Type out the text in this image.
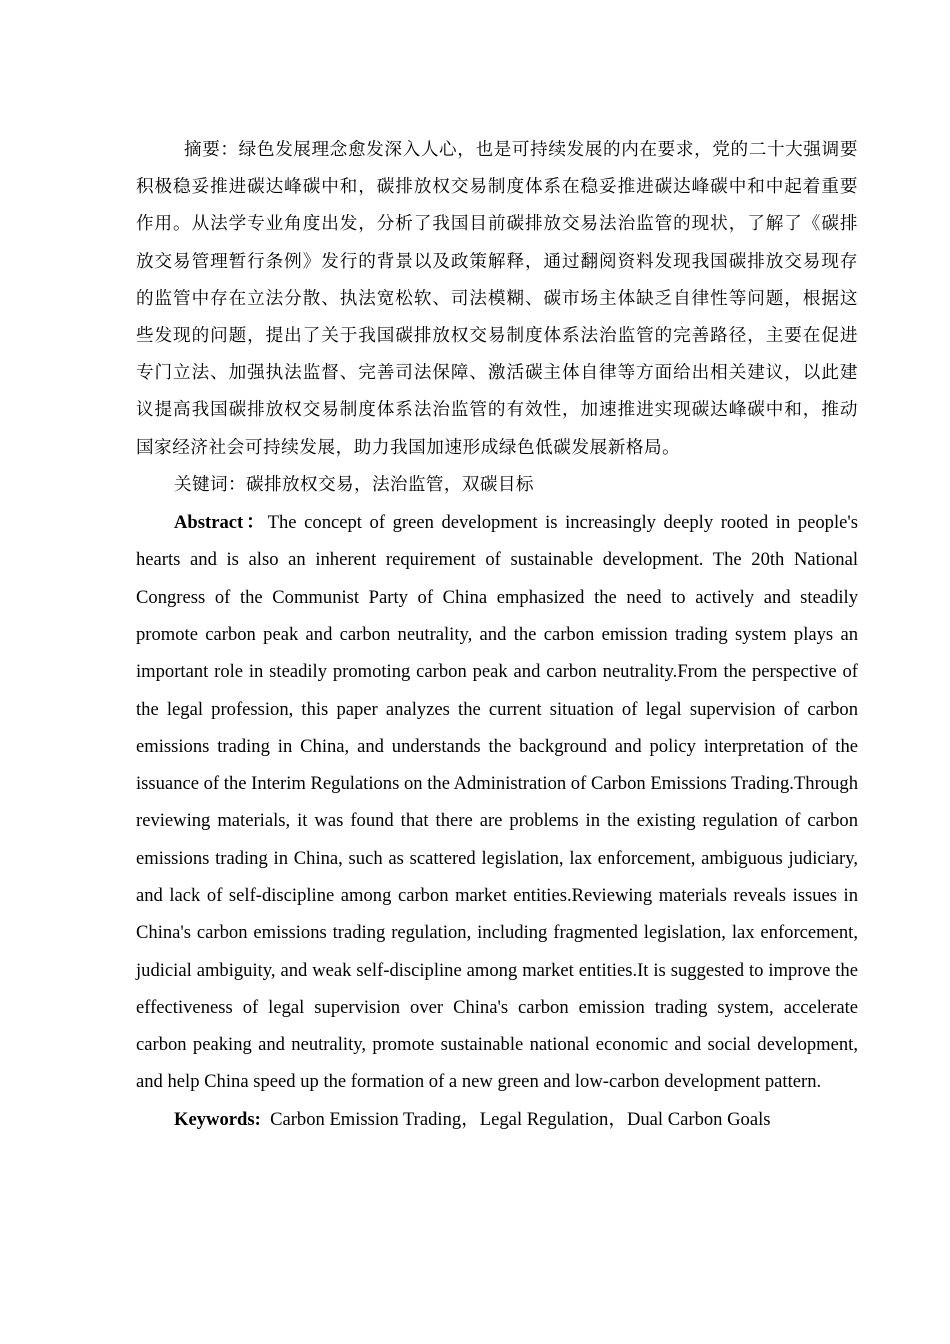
摘要：绿色发展理念愈发深入人心，也是可持续发展的内在要求，党的二十大强调要积极稳妥推进碳达峰碳中和，碳排放权交易制度体系在稳妥推进碳达峰碳中和中起着重要作用。从法学专业角度出发，分析了我国目前碳排放交易法治监管的现状，了解了《碳排放交易管理暂行条例》发行的背景以及政策解释，通过翻阅资料发现我国碳排放交易现存的监管中存在立法分散、执法宽松软、司法模糊、碳市场主体缺乏自律性等问题，根据这些发现的问题，提出了关于我国碳排放权交易制度体系法治监管的完善路径，主要在促进专门立法、加强执法监督、完善司法保障、激活碳主体自律等方面给出相关建议，以此建议提高我国碳排放权交易制度体系法治监管的有效性，加速推进实现碳达峰碳中和，推动国家经济社会可持续发展，助力我国加速形成绿色低碳发展新格局。

关键词：碳排放权交易，法治监管，双碳目标

Abstract：The concept of green development is increasingly deeply rooted in people's hearts and is also an inherent requirement of sustainable development. The 20th National Congress of the Communist Party of China emphasized the need to actively and steadily promote carbon peak and carbon neutrality, and the carbon emission trading system plays an important role in steadily promoting carbon peak and carbon neutrality.From the perspective of the legal profession, this paper analyzes the current situation of legal supervision of carbon emissions trading in China, and understands the background and policy interpretation of the issuance of the Interim Regulations on the Administration of Carbon Emissions Trading.Through reviewing materials, it was found that there are problems in the existing regulation of carbon emissions trading in China, such as scattered legislation, lax enforcement, ambiguous judiciary, and lack of self-discipline among carbon market entities.Reviewing materials reveals issues in China's carbon emissions trading regulation, including fragmented legislation, lax enforcement, judicial ambiguity, and weak self-discipline among market entities.It is suggested to improve the effectiveness of legal supervision over China's carbon emission trading system, accelerate carbon peaking and neutrality, promote sustainable national economic and social development, and help China speed up the formation of a new green and low-carbon development pattern.

Keywords: Carbon Emission Trading，Legal Regulation，Dual Carbon Goals
